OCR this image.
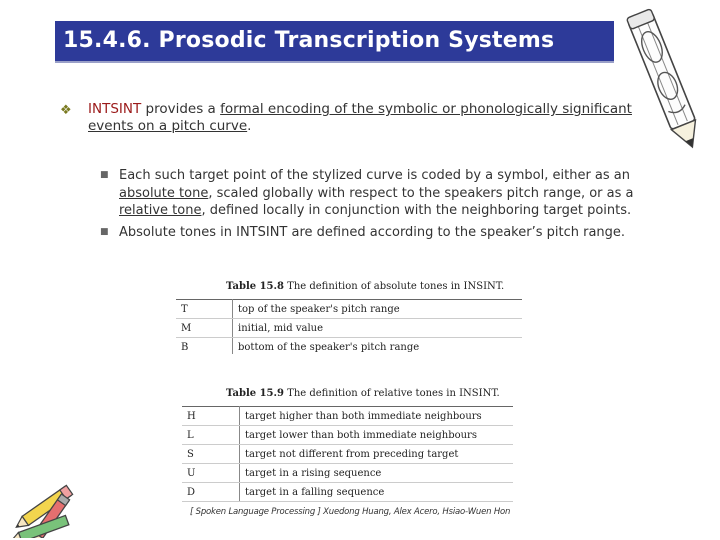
15.4.6. Prosodic Transcription Systems
❖ INTSINT provides a formal encoding of the symbolic or phonologically significant events on a pitch curve.
■ Each such target point of the stylized curve is coded by a symbol, either as an absolute tone, scaled globally with respect to the speakers pitch range, or as a relative tone, defined locally in conjunction with the neighboring target points.
■ Absolute tones in INTSINT are defined according to the speaker’s pitch range.
Table 15.8 The definition of absolute tones in INSINT.
T	top of the speaker's pitch range
M	initial, mid value
B	bottom of the speaker's pitch range
Table 15.9 The definition of relative tones in INSINT.
H	target higher than both immediate neighbours
L	target lower than both immediate neighbours
S	target not different from preceding target
U	target in a rising sequence
D	target in a falling sequence
[ Spoken Language Processing ] Xuedong Huang, Alex Acero, Hsiao-Wuen Hon
